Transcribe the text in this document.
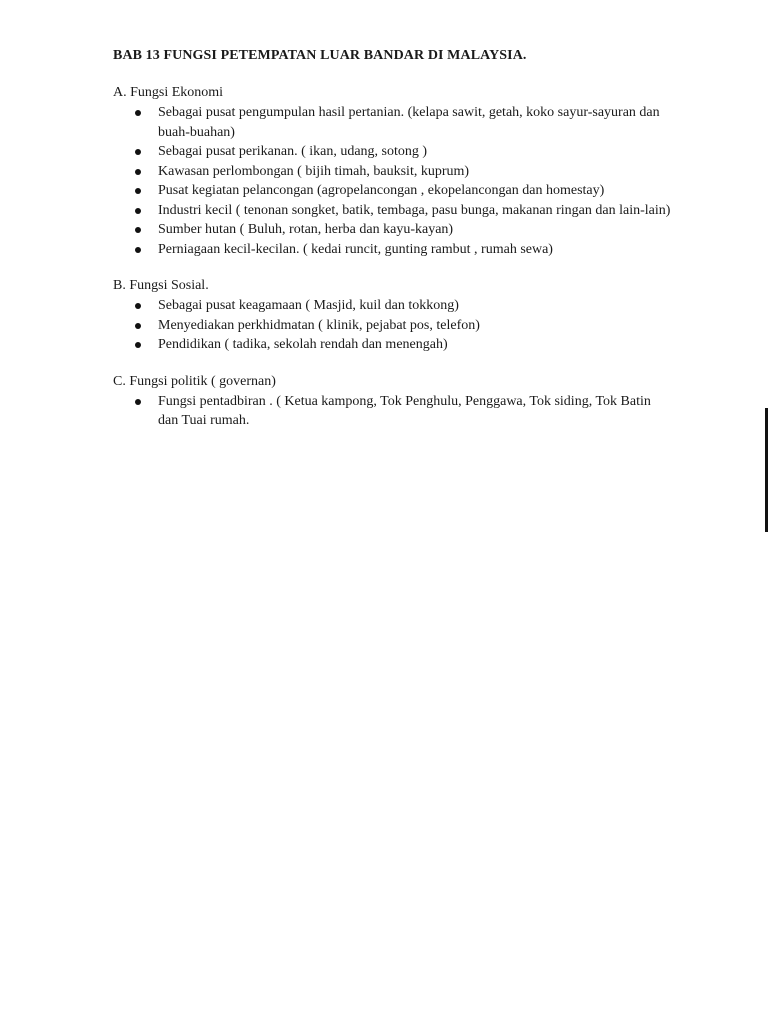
BAB 13 FUNGSI PETEMPATAN LUAR BANDAR DI MALAYSIA.
A. Fungsi Ekonomi
Sebagai pusat pengumpulan hasil pertanian. (kelapa sawit, getah, koko sayur-sayuran dan buah-buahan)
Sebagai pusat perikanan. ( ikan, udang, sotong )
Kawasan perlombongan ( bijih timah, bauksit, kuprum)
Pusat kegiatan pelancongan (agropelancongan , ekopelancongan dan homestay)
Industri kecil ( tenonan songket, batik, tembaga, pasu bunga, makanan ringan dan lain-lain)
Sumber hutan ( Buluh, rotan, herba dan kayu-kayan)
Perniagaan kecil-kecilan. ( kedai runcit, gunting rambut , rumah sewa)
B. Fungsi Sosial.
Sebagai pusat keagamaan ( Masjid, kuil dan tokkong)
Menyediakan perkhidmatan ( klinik, pejabat pos, telefon)
Pendidikan ( tadika, sekolah rendah dan menengah)
C. Fungsi politik ( governan)
Fungsi pentadbiran . ( Ketua kampong, Tok Penghulu, Penggawa, Tok siding, Tok Batin dan Tuai rumah.
